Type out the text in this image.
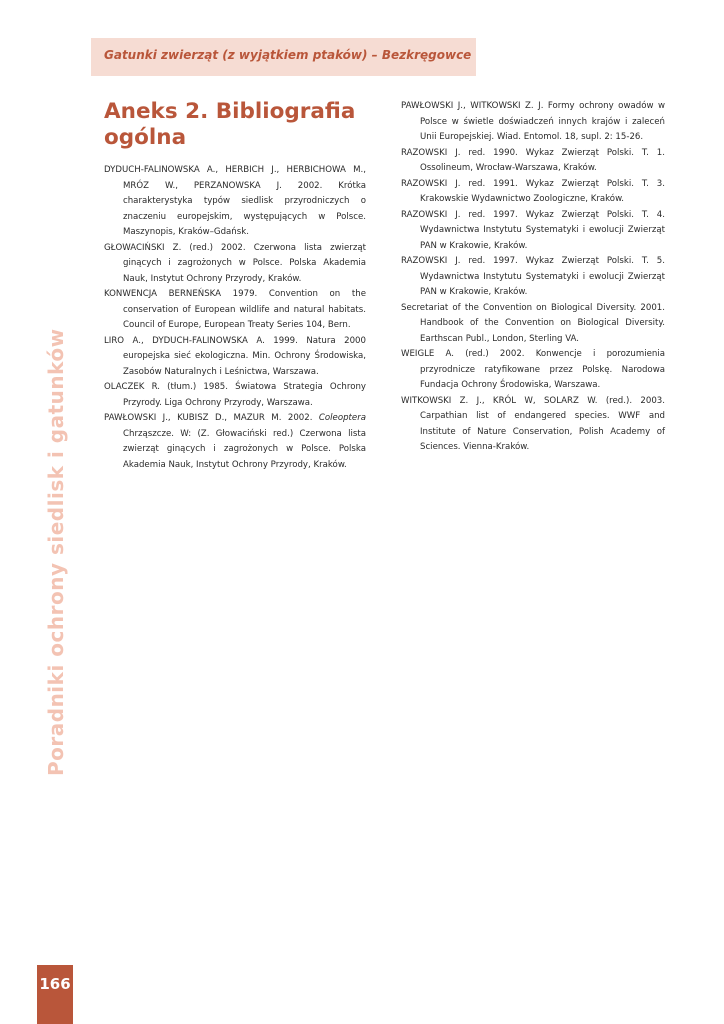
Gatunki zwierząt (z wyjątkiem ptaków) – Bezkręgowce
Poradniki ochrony siedlisk i gatunków
Aneks 2. Bibliografia
ogólna

DYDUCH-FALINOWSKA A., HERBICH J., HERBICHOWA M., MRÓZ W., PERZANOWSKA J. 2002. Krótka charakterystyka typów siedlisk przyrodniczych o znaczeniu europejskim, występujących w Polsce. Maszynopis, Kraków–Gdańsk.

GŁOWACIŃSKI Z. (red.) 2002. Czerwona lista zwierząt ginących i zagrożonych w Polsce. Polska Akademia Nauk, Instytut Ochrony Przyrody, Kraków.

KONWENCJA BERNEŃSKA 1979. Convention on the conservation of European wildlife and natural habitats. Council of Europe, European Treaty Series 104, Bern.

LIRO A., DYDUCH-FALINOWSKA A. 1999. Natura 2000 europejska sieć ekologiczna. Min. Ochrony Środowiska, Zasobów Naturalnych i Leśnictwa, Warszawa.

OLACZEK R. (tłum.) 1985. Światowa Strategia Ochrony Przyrody. Liga Ochrony Przyrody, Warszawa.

PAWŁOWSKI J., KUBISZ D., MAZUR M. 2002. Coleoptera Chrząszcze. W: (Z. Głowaciński red.) Czerwona lista zwierząt ginących i zagrożonych w Polsce. Polska Akademia Nauk, Instytut Ochrony Przyrody, Kraków.

PAWŁOWSKI J., WITKOWSKI Z. J. Formy ochrony owadów w Polsce w świetle doświadczeń innych krajów i zaleceń Unii Europejskiej. Wiad. Entomol. 18, supl. 2: 15-26.

RAZOWSKI J. red. 1990. Wykaz Zwierząt Polski. T. 1. Ossolineum, Wrocław-Warszawa, Kraków.

RAZOWSKI J. red. 1991. Wykaz Zwierząt Polski. T. 3. Krakowskie Wydawnictwo Zoologiczne, Kraków.

RAZOWSKI J. red. 1997. Wykaz Zwierząt Polski. T. 4. Wydawnictwa Instytutu Systematyki i ewolucji Zwierząt PAN w Krakowie, Kraków.

RAZOWSKI J. red. 1997. Wykaz Zwierząt Polski. T. 5. Wydawnictwa Instytutu Systematyki i ewolucji Zwierząt PAN w Krakowie, Kraków.

Secretariat of the Convention on Biological Diversity. 2001. Handbook of the Convention on Biological Diversity. Earthscan Publ., London, Sterling VA.

WEIGLE A. (red.) 2002. Konwencje i porozumienia przyrodnicze ratyfikowane przez Polskę. Narodowa Fundacja Ochrony Środowiska, Warszawa.

WITKOWSKI Z. J., KRÓL W, SOLARZ W. (red.). 2003. Carpathian list of endangered species. WWF and Institute of Nature Conservation, Polish Academy of Sciences. Vienna-Kraków.

166
